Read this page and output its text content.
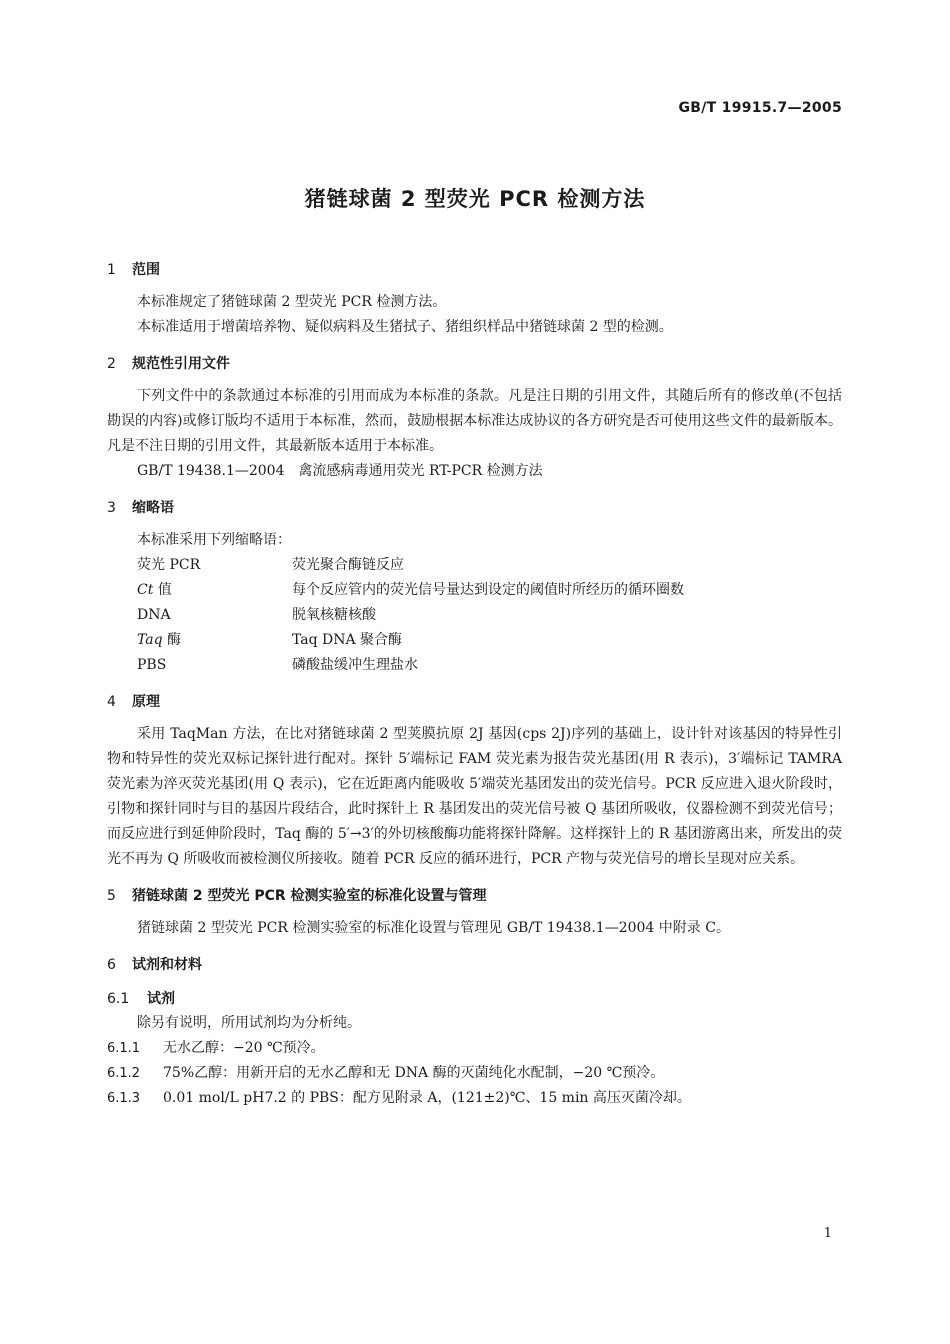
GB/T 19915.7—2005
猪链球菌 2 型荧光 PCR 检测方法
1 范围
本标准规定了猪链球菌 2 型荧光 PCR 检测方法。
本标准适用于增菌培养物、疑似病料及生猪拭子、猪组织样品中猪链球菌 2 型的检测。
2 规范性引用文件
下列文件中的条款通过本标准的引用而成为本标准的条款。凡是注日期的引用文件，其随后所有的修改单(不包括勘误的内容)或修订版均不适用于本标准，然而，鼓励根据本标准达成协议的各方研究是否可使用这些文件的最新版本。凡是不注日期的引用文件，其最新版本适用于本标准。
GB/T 19438.1—2004 禽流感病毒通用荧光 RT-PCR 检测方法
3 缩略语
本标准采用下列缩略语：
荧光 PCR	荧光聚合酶链反应
Ct 值	每个反应管内的荧光信号量达到设定的阈值时所经历的循环圈数
DNA	脱氧核糖核酸
Taq 酶	Taq DNA 聚合酶
PBS	磷酸盐缓冲生理盐水
4 原理
采用 TaqMan 方法，在比对猪链球菌 2 型荚膜抗原 2J 基因(cps 2J)序列的基础上，设计针对该基因的特异性引物和特异性的荧光双标记探针进行配对。探针 5′端标记 FAM 荧光素为报告荧光基团(用 R 表示)，3′端标记 TAMRA 荧光素为淬灭荧光基团(用 Q 表示)，它在近距离内能吸收 5′端荧光基团发出的荧光信号。PCR 反应进入退火阶段时，引物和探针同时与目的基因片段结合，此时探针上 R 基团发出的荧光信号被 Q 基团所吸收，仪器检测不到荧光信号；而反应进行到延伸阶段时，Taq 酶的 5′→3′的外切核酸酶功能将探针降解。这样探针上的 R 基团游离出来，所发出的荧光不再为 Q 所吸收而被检测仪所接收。随着 PCR 反应的循环进行，PCR 产物与荧光信号的增长呈现对应关系。
5 猪链球菌 2 型荧光 PCR 检测实验室的标准化设置与管理
猪链球菌 2 型荧光 PCR 检测实验室的标准化设置与管理见 GB/T 19438.1—2004 中附录 C。
6 试剂和材料
6.1 试剂
除另有说明，所用试剂均为分析纯。
6.1.1	无水乙醇：−20 ℃预冷。
6.1.2	75%乙醇：用新开启的无水乙醇和无 DNA 酶的灭菌纯化水配制，−20 ℃预冷。
6.1.3	0.01 mol/L pH7.2 的 PBS：配方见附录 A，(121±2)℃、15 min 高压灭菌冷却。
1
